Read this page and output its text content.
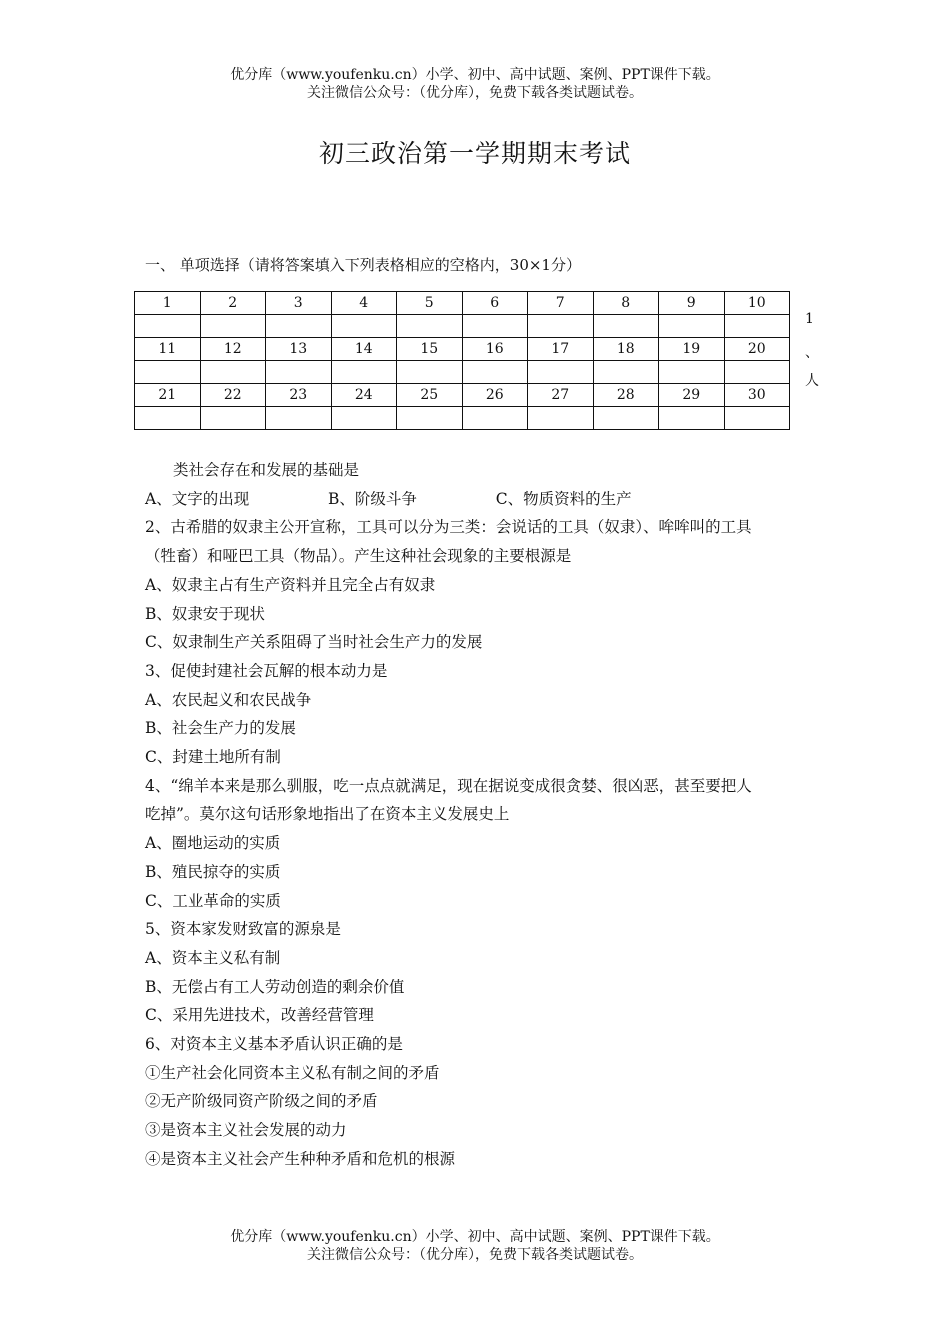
优分库（www.youfenku.cn）小学、初中、高中试题、案例、PPT课件下载。
关注微信公众号：（优分库），免费下载各类试题试卷。
初三政治第一学期期末考试
一、 单项选择（请将答案填入下列表格相应的空格内，30×1分）
1	2	3	4	5	6	7	8	9	10

11	12	13	14	15	16	17	18	19	20

21	22	23	24	25	26	27	28	29	30

1
、
人

类社会存在和发展的基础是

A、文字的出现                B、阶级斗争                C、物质资料的生产

2、古希腊的奴隶主公开宣称，工具可以分为三类：会说话的工具（奴隶）、哞哞叫的工具

（牲畜）和哑巴工具（物品）。产生这种社会现象的主要根源是

A、奴隶主占有生产资料并且完全占有奴隶

B、奴隶安于现状

C、奴隶制生产关系阻碍了当时社会生产力的发展

3、促使封建社会瓦解的根本动力是

A、农民起义和农民战争

B、社会生产力的发展

C、封建土地所有制

4、“绵羊本来是那么驯服，吃一点点就满足，现在据说变成很贪婪、很凶恶，甚至要把人

吃掉”。莫尔这句话形象地指出了在资本主义发展史上

A、圈地运动的实质

B、殖民掠夺的实质

C、工业革命的实质

5、资本家发财致富的源泉是

A、资本主义私有制

B、无偿占有工人劳动创造的剩余价值

C、采用先进技术，改善经营管理

6、对资本主义基本矛盾认识正确的是

①生产社会化同资本主义私有制之间的矛盾

②无产阶级同资产阶级之间的矛盾

③是资本主义社会发展的动力

④是资本主义社会产生种种矛盾和危机的根源

优分库（www.youfenku.cn）小学、初中、高中试题、案例、PPT课件下载。
关注微信公众号：（优分库），免费下载各类试题试卷。
